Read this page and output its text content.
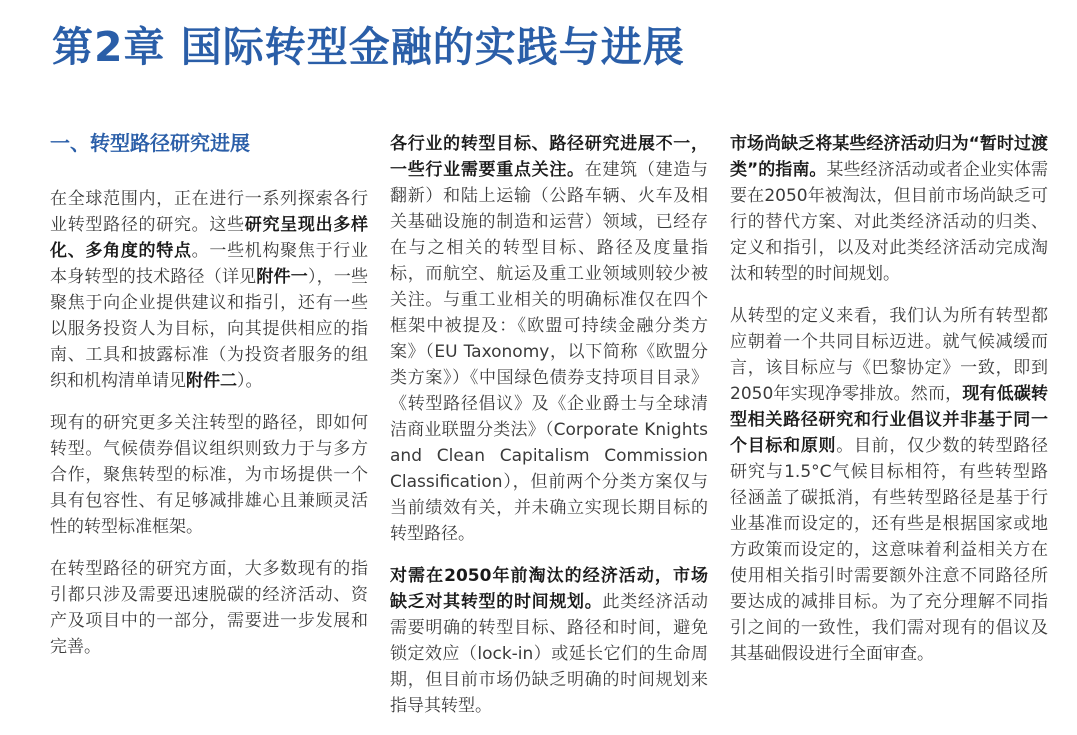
第2章 国际转型金融的实践与进展
一、转型路径研究进展

在全球范围内，正在进行一系列探索各行业转型路径的研究。这些研究呈现出多样化、多角度的特点。一些机构聚焦于行业本身转型的技术路径（详见附件一），一些聚焦于向企业提供建议和指引，还有一些以服务投资人为目标，向其提供相应的指南、工具和披露标准（为投资者服务的组织和机构清单请见附件二）。

现有的研究更多关注转型的路径，即如何转型。气候债券倡议组织则致力于与多方合作，聚焦转型的标准，为市场提供一个具有包容性、有足够减排雄心且兼顾灵活性的转型标准框架。

在转型路径的研究方面，大多数现有的指引都只涉及需要迅速脱碳的经济活动、资产及项目中的一部分，需要进一步发展和完善。

各行业的转型目标、路径研究进展不一，一些行业需要重点关注。在建筑（建造与翻新）和陆上运输（公路车辆、火车及相关基础设施的制造和运营）领域，已经存在与之相关的转型目标、路径及度量指标，而航空、航运及重工业领域则较少被关注。与重工业相关的明确标准仅在四个框架中被提及：《欧盟可持续金融分类方案》（EU Taxonomy，以下简称《欧盟分类方案》）《中国绿色债券支持项目目录》《转型路径倡议》及《企业爵士与全球清洁商业联盟分类法》（Corporate Knights and Clean Capitalism Commission Classification），但前两个分类方案仅与当前绩效有关，并未确立实现长期目标的转型路径。

对需在2050年前淘汰的经济活动，市场缺乏对其转型的时间规划。此类经济活动需要明确的转型目标、路径和时间，避免锁定效应（lock-in）或延长它们的生命周期，但目前市场仍缺乏明确的时间规划来指导其转型。

市场尚缺乏将某些经济活动归为“暂时过渡类”的指南。某些经济活动或者企业实体需要在2050年被淘汰，但目前市场尚缺乏可行的替代方案、对此类经济活动的归类、定义和指引，以及对此类经济活动完成淘汰和转型的时间规划。

从转型的定义来看，我们认为所有转型都应朝着一个共同目标迈进。就气候减缓而言，该目标应与《巴黎协定》一致，即到2050年实现净零排放。然而，现有低碳转型相关路径研究和行业倡议并非基于同一个目标和原则。目前，仅少数的转型路径研究与1.5°C气候目标相符，有些转型路径涵盖了碳抵消，有些转型路径是基于行业基准而设定的，还有些是根据国家或地方政策而设定的，这意味着利益相关方在使用相关指引时需要额外注意不同路径所要达成的减排目标。为了充分理解不同指引之间的一致性，我们需对现有的倡议及其基础假设进行全面审查。
